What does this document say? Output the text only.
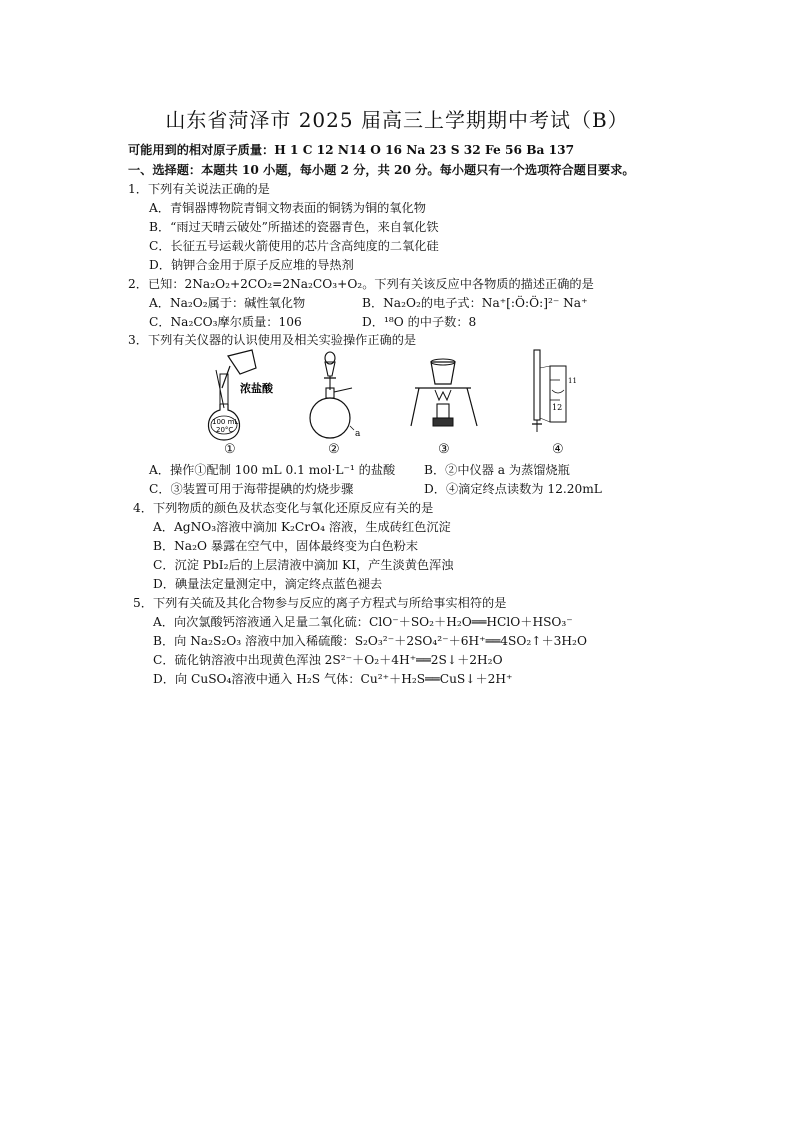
山东省菏泽市 2025 届高三上学期期中考试（B）
可能用到的相对原子质量：H 1 C 12 N14 O 16 Na 23 S 32 Fe 56 Ba 137
一、选择题：本题共 10 小题，每小题 2 分，共 20 分。每小题只有一个选项符合题目要求。
1．下列有关说法正确的是
A．青铜器博物院青铜文物表面的铜锈为铜的氧化物
B．“雨过天晴云破处”所描述的瓷器青色，来自氧化铁
C．长征五号运载火箭使用的芯片含高纯度的二氧化硅
D．钠钾合金用于原子反应堆的导热剂
2．已知：2Na₂O₂+2CO₂=2Na₂CO₃+O₂。下列有关该反应中各物质的描述正确的是
A．Na₂O₂属于：碱性氧化物	B．Na₂O₂的电子式：Na⁺[:Ö:Ö:]²⁻ Na⁺
C．Na₂CO₃摩尔质量：106	D．¹⁸O 的中子数：8
3．下列有关仪器的认识使用及相关实验操作正确的是
100 mL
20°C
浓盐酸
a
11
12
①	②	③	④
A．操作①配制 100 mL 0.1 mol·L⁻¹ 的盐酸 B．②中仪器 a 为蒸馏烧瓶
C．③装置可用于海带提碘的灼烧步骤	D．④滴定终点读数为 12.20mL
4．下列物质的颜色及状态变化与氧化还原反应有关的是
A．AgNO₃溶液中滴加 K₂CrO₄ 溶液，生成砖红色沉淀
B．Na₂O 暴露在空气中，固体最终变为白色粉末
C．沉淀 PbI₂后的上层清液中滴加 KI，产生淡黄色浑浊
D．碘量法定量测定中，滴定终点蓝色褪去
5．下列有关硫及其化合物参与反应的离子方程式与所给事实相符的是
A．向次氯酸钙溶液通入足量二氧化硫：ClO⁻＋SO₂＋H₂O══HClO＋HSO₃⁻
B．向 Na₂S₂O₃ 溶液中加入稀硫酸：S₂O₃²⁻＋2SO₄²⁻＋6H⁺══4SO₂↑＋3H₂O
C．硫化钠溶液中出现黄色浑浊 2S²⁻＋O₂＋4H⁺══2S↓＋2H₂O
D．向 CuSO₄溶液中通入 H₂S 气体：Cu²⁺＋H₂S══CuS↓＋2H⁺
